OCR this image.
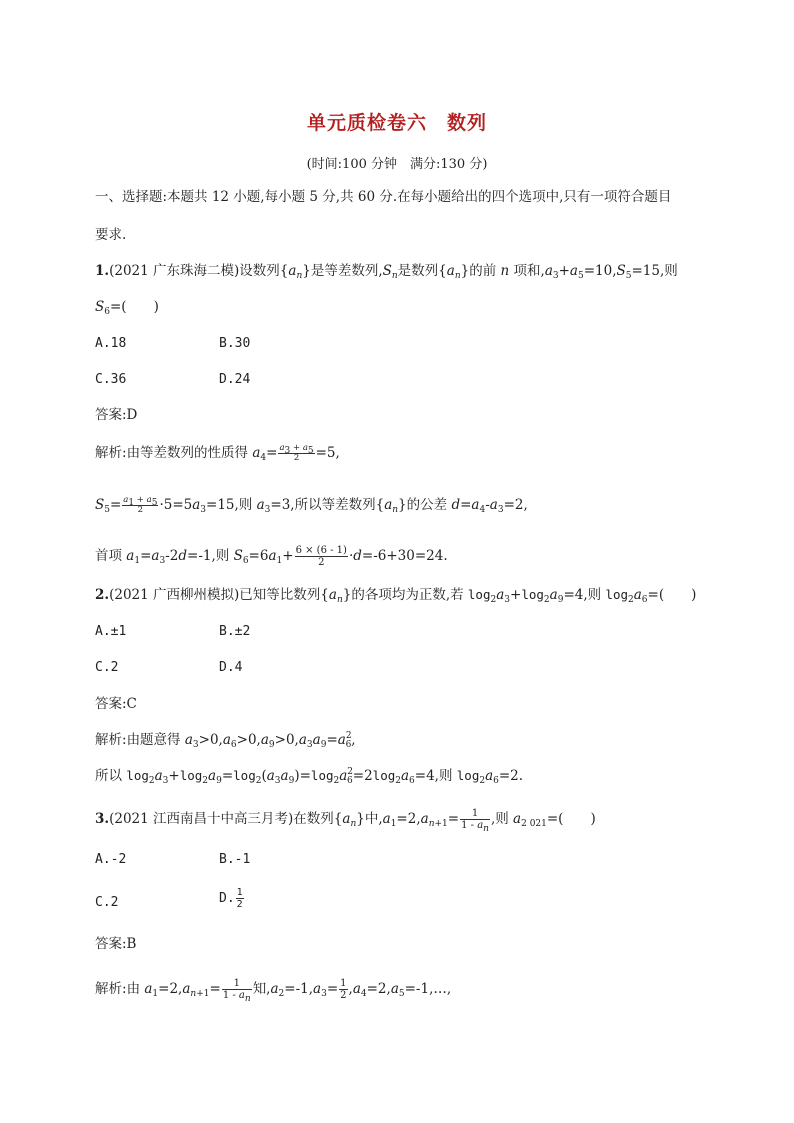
单元质检卷六　数列
(时间:100 分钟　满分:130 分)
一、选择题:本题共 12 小题,每小题 5 分,共 60 分.在每小题给出的四个选项中,只有一项符合题目
要求.
1.(2021 广东珠海二模)设数列$\{a_n\}$是等差数列$,S_n$是数列$\{a_n\}$的前 n 项和$,a_3+a_5=10,S_5=15$,则
$S_6=$(　　)
A.18	B.30
C.36	D.24
答案:D
解析:由等差数列的性质得 $a_4= \frac{a_3 + a_5}{2} =5$,
$S_5= \frac{a_1 + a_5}{2} \cdot 5=5a_3=15$,则 $a_3=3$,所以等差数列$\{a_n\}$的公差 $d=a_4-a_3=2$,
首项 $a_1=a_3-2d=-1$,则 $S_6=6a_1+ \frac{6 \times (6 - 1)}{2} \cdot d=-6+30=24$.
2.(2021 广西柳州模拟)已知等比数列$\{a_n\}$的各项均为正数,若 $\log_2a_3+\log_2a_9=4$,则 $\log_2a_6=$(　　)
A.±1	B.±2
C.2	D.4
答案:C
解析:由题意得 $a_3>0,a_6>0,a_9>0,a_3a_9=a^2_6$,
所以 $\log_2a_3+\log_2a_9=\log_2(a_3a_9)=\log_2a^2_6=2\log_2a_6=4$,则 $\log_2a_6=2$.
3.(2021 江西南昌十中高三月考)在数列$\{a_n\}$中$,a_1=2,a_{n+1}= \frac{1}{1 - a_n}$ ,则 $a_{2 021}=$(　　)
A.-2	B.-1
C.2	D. $\frac{1}{2}$
答案:B
解析:由 $a_1=2,a_{n+1}= \frac{1}{1 - a_n}$ 知$,a_2=-1,a_3= \frac{1}{2}$ $,a_4=2,a_5=-1,\dots$,
